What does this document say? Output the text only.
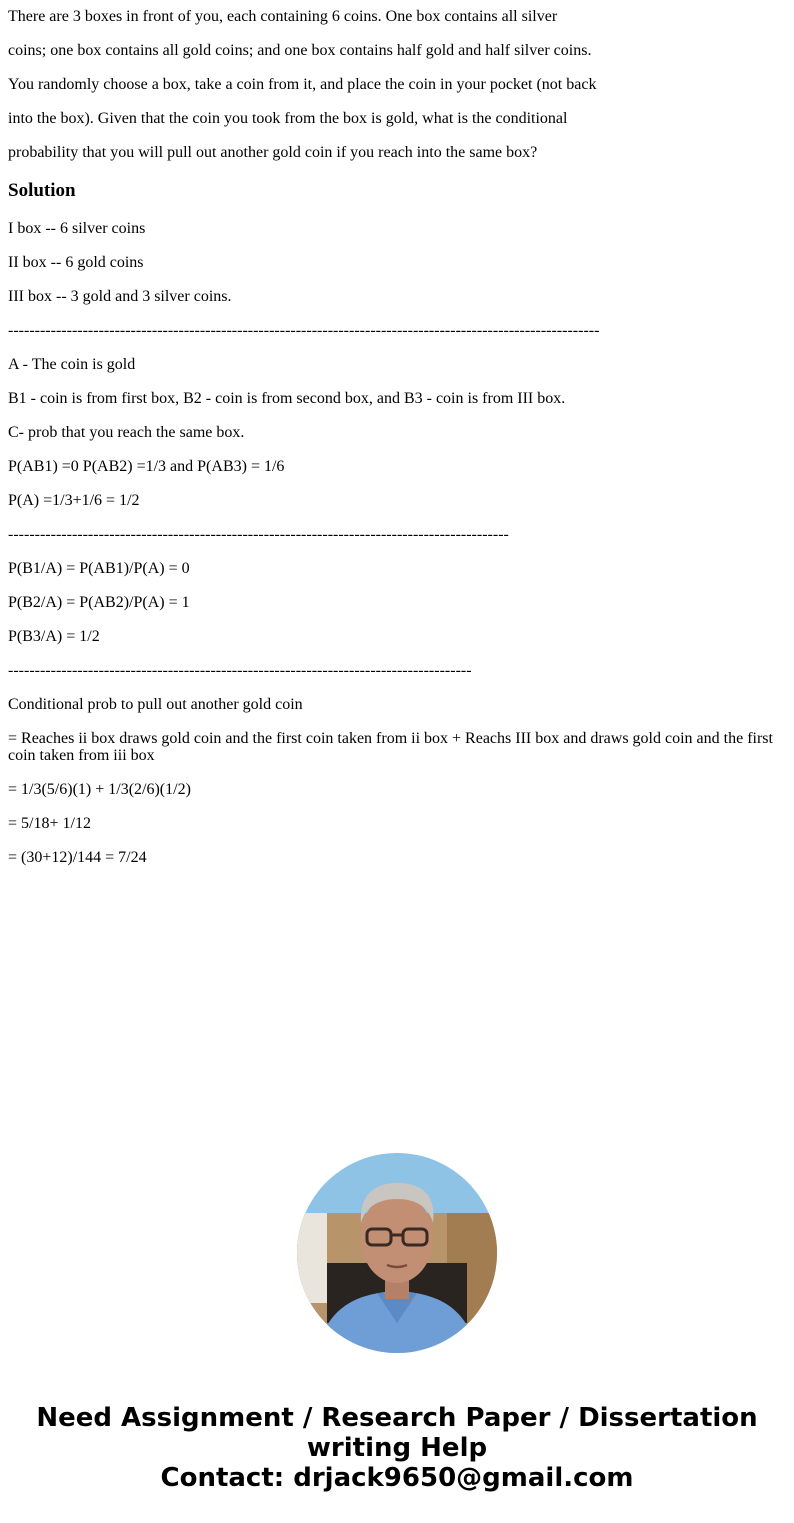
There are 3 boxes in front of you, each containing 6 coins. One box contains all silver

coins; one box contains all gold coins; and one box contains half gold and half silver coins.

You randomly choose a box, take a coin from it, and place the coin in your pocket (not back

into the box). Given that the coin you took from the box is gold, what is the conditional

probability that you will pull out another gold coin if you reach into the same box?

Solution

I box -- 6 silver coins

II box -- 6 gold coins

III box -- 3 gold and 3 silver coins.

---------------------------------------------------------------------------------------------------------------

A - The coin is gold

B1 - coin is from first box, B2 - coin is from second box, and B3 - coin is from III box.

C- prob that you reach the same box.

P(AB1) =0 P(AB2) =1/3 and P(AB3) = 1/6

P(A) =1/3+1/6 = 1/2

----------------------------------------------------------------------------------------------

P(B1/A) = P(AB1)/P(A) = 0

P(B2/A) = P(AB2)/P(A) = 1

P(B3/A) = 1/2

---------------------------------------------------------------------------------------

Conditional prob to pull out another gold coin

= Reaches ii box draws gold coin and the first coin taken from ii box + Reachs III box and draws gold coin and the first coin taken from iii box

= 1/3(5/6)(1) + 1/3(2/6)(1/2)

= 5/18+ 1/12

= (30+12)/144 = 7/24

Need Assignment / Research Paper / Dissertation
writing Help
Contact: drjack9650@gmail.com
